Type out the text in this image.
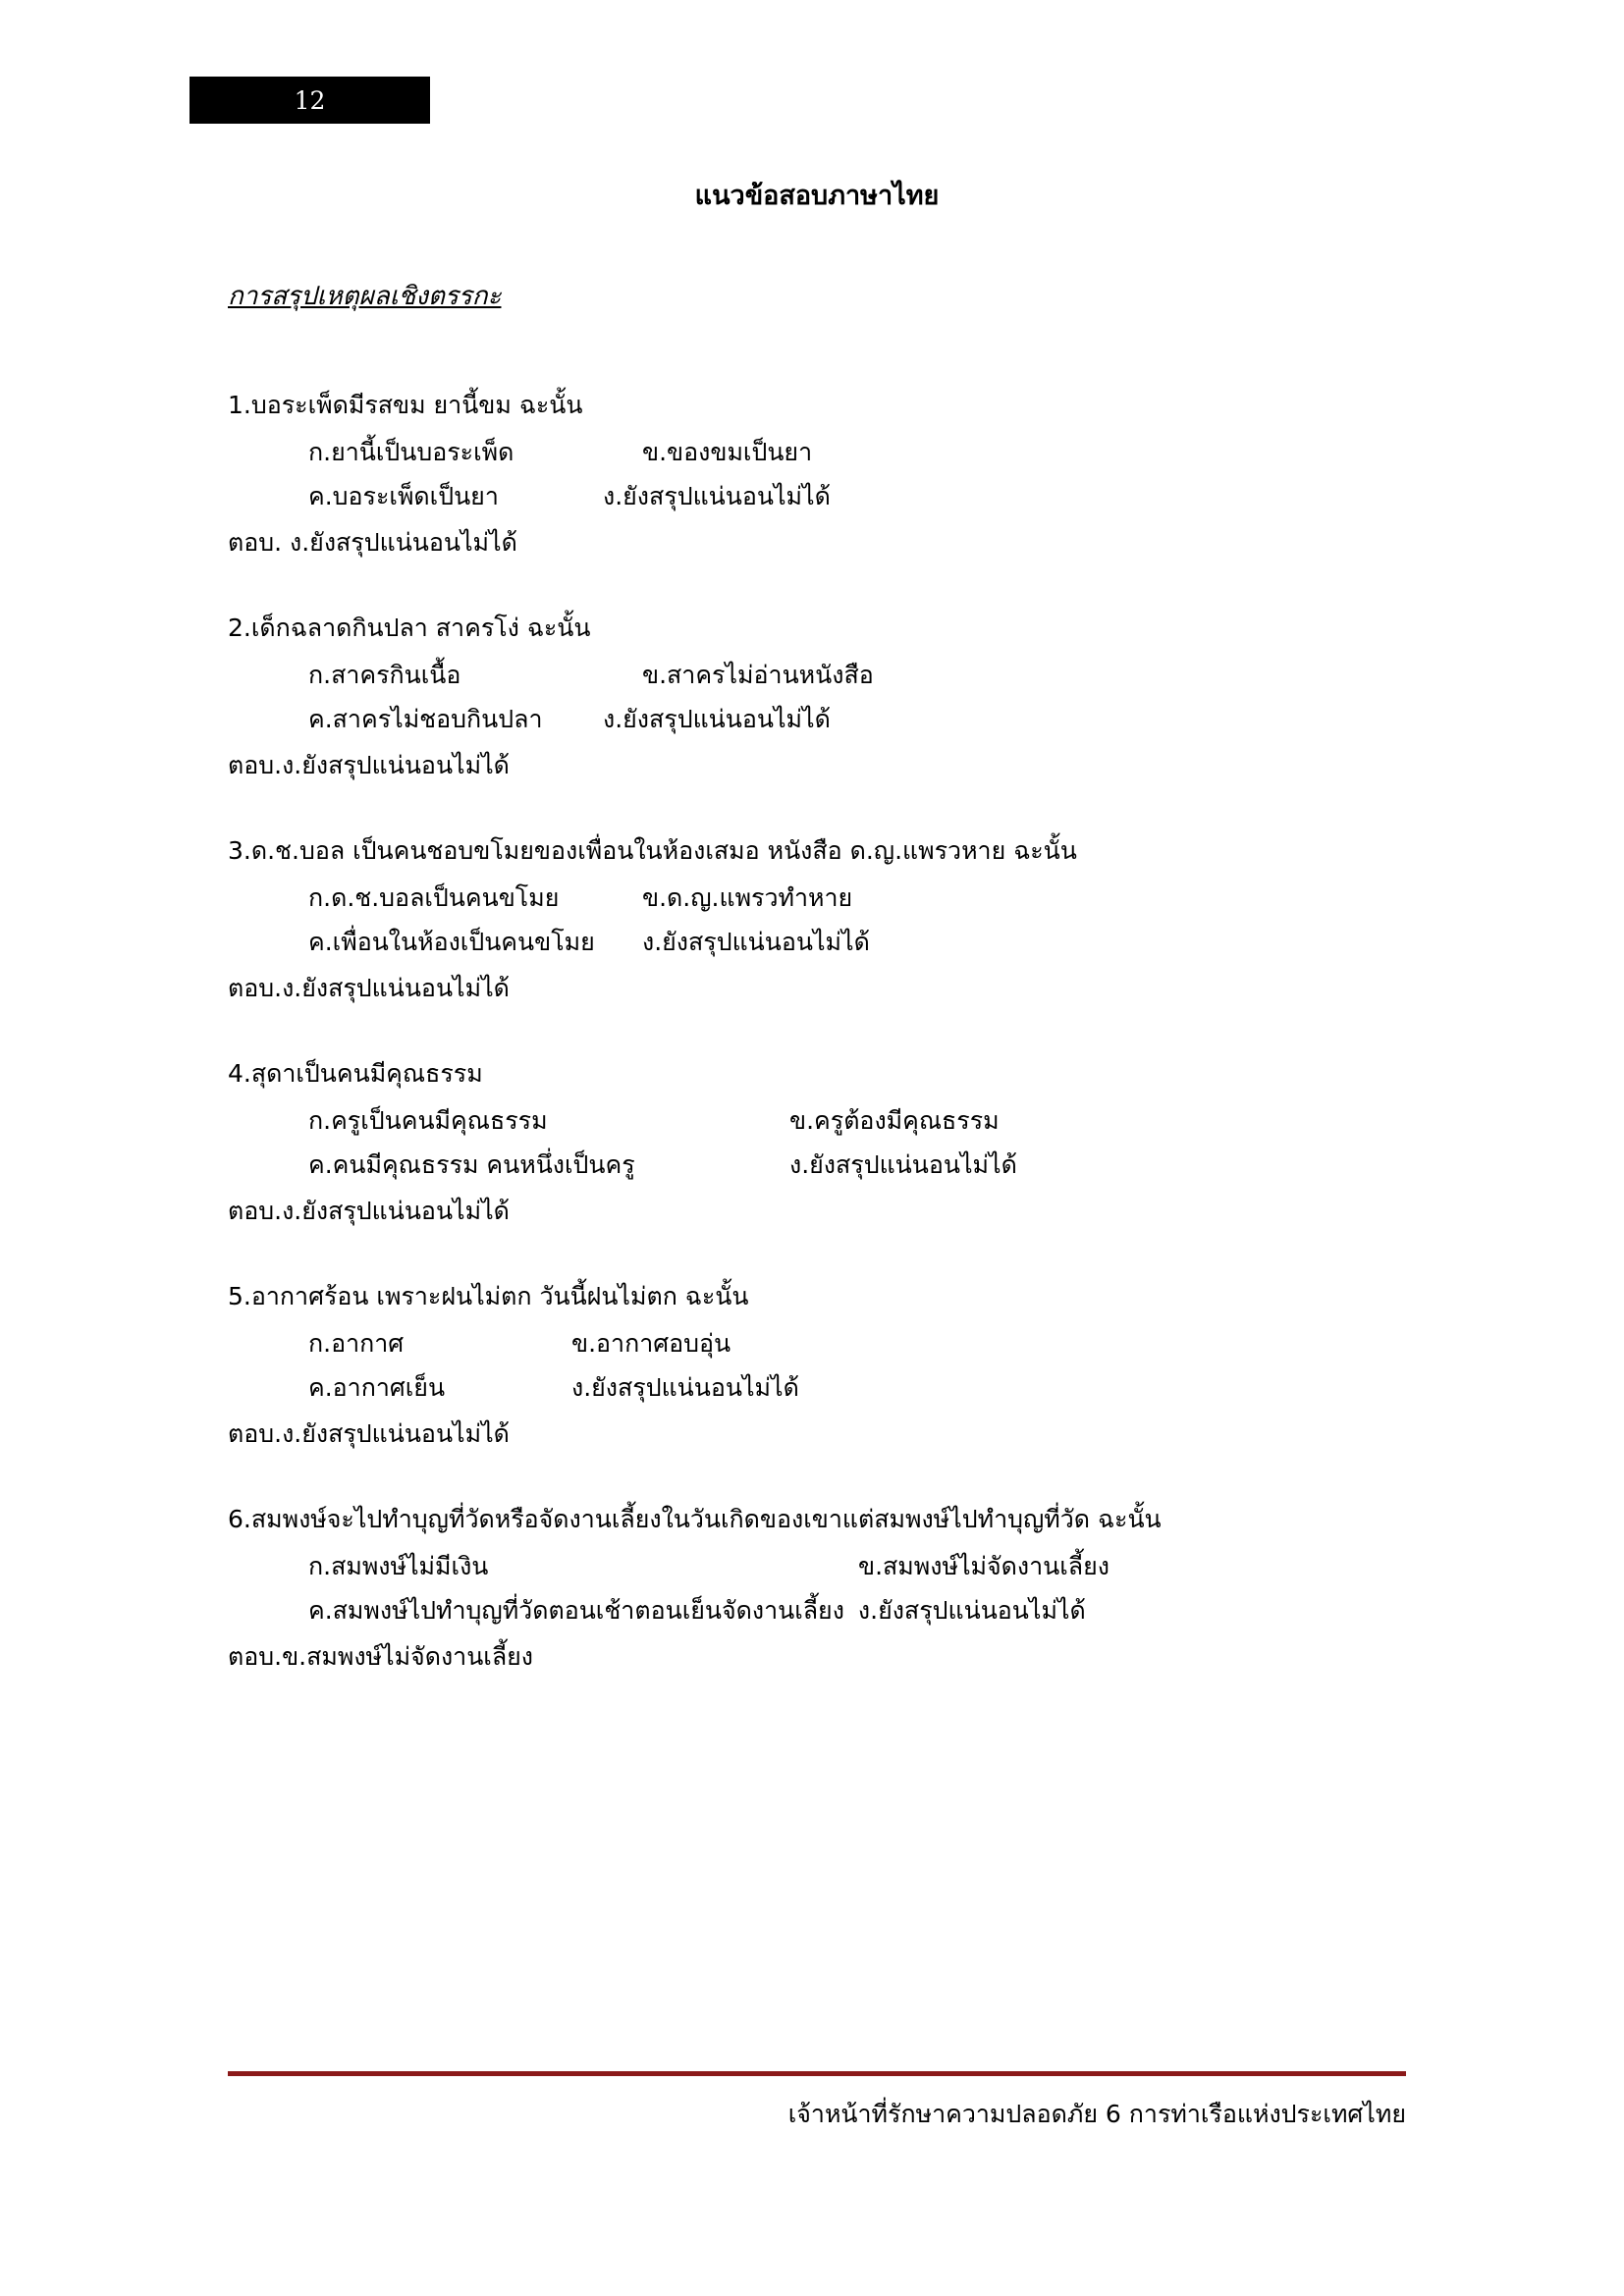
12
แนวข้อสอบภาษาไทย
การสรุปเหตุผลเชิงตรรกะ
1.บอระเพ็ดมีรสขม ยานี้ขม ฉะนั้น
ก.ยานี้เป็นบอระเพ็ด	ข.ของขมเป็นยา
ค.บอระเพ็ดเป็นยา	ง.ยังสรุปแน่นอนไม่ได้
ตอบ. ง.ยังสรุปแน่นอนไม่ได้
2.เด็กฉลาดกินปลา สาครโง่ ฉะนั้น
ก.สาครกินเนื้อ	ข.สาครไม่อ่านหนังสือ
ค.สาครไม่ชอบกินปลา	ง.ยังสรุปแน่นอนไม่ได้
ตอบ.ง.ยังสรุปแน่นอนไม่ได้
3.ด.ช.บอล เป็นคนชอบขโมยของเพื่อนในห้องเสมอ หนังสือ ด.ญ.แพรวหาย ฉะนั้น
ก.ด.ช.บอลเป็นคนขโมย	ข.ด.ญ.แพรวทำหาย
ค.เพื่อนในห้องเป็นคนขโมย	ง.ยังสรุปแน่นอนไม่ได้
ตอบ.ง.ยังสรุปแน่นอนไม่ได้
4.สุดาเป็นคนมีคุณธรรม
ก.ครูเป็นคนมีคุณธรรม	ข.ครูต้องมีคุณธรรม
ค.คนมีคุณธรรม คนหนึ่งเป็นครู	ง.ยังสรุปแน่นอนไม่ได้
ตอบ.ง.ยังสรุปแน่นอนไม่ได้
5.อากาศร้อน เพราะฝนไม่ตก วันนี้ฝนไม่ตก ฉะนั้น
ก.อากาศ	ข.อากาศอบอุ่น
ค.อากาศเย็น	ง.ยังสรุปแน่นอนไม่ได้
ตอบ.ง.ยังสรุปแน่นอนไม่ได้
6.สมพงษ์จะไปทำบุญที่วัดหรือจัดงานเลี้ยงในวันเกิดของเขาแต่สมพงษ์ไปทำบุญที่วัด ฉะนั้น
ก.สมพงษ์ไม่มีเงิน	ข.สมพงษ์ไม่จัดงานเลี้ยง
ค.สมพงษ์ไปทำบุญที่วัดตอนเช้าตอนเย็นจัดงานเลี้ยง ง.ยังสรุปแน่นอนไม่ได้
ตอบ.ข.สมพงษ์ไม่จัดงานเลี้ยง
เจ้าหน้าที่รักษาความปลอดภัย 6 การท่าเรือแห่งประเทศไทย
